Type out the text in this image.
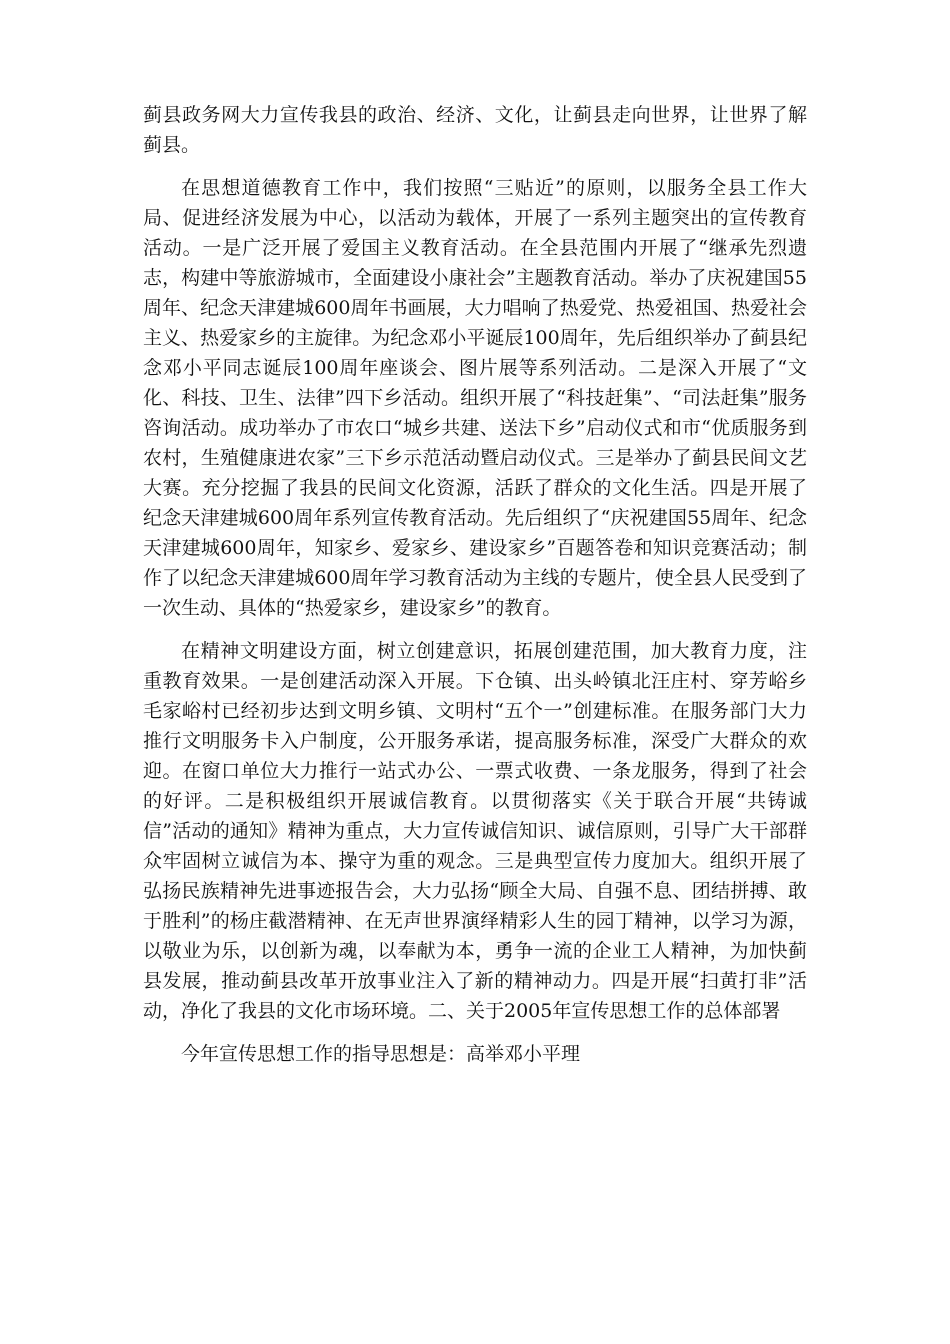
蓟县政务网大力宣传我县的政治、经济、文化，让蓟县走向世界，让世界了解蓟县。

在思想道德教育工作中，我们按照“三贴近”的原则，以服务全县工作大局、促进经济发展为中心，以活动为载体，开展了一系列主题突出的宣传教育活动。一是广泛开展了爱国主义教育活动。在全县范围内开展了“继承先烈遗志，构建中等旅游城市，全面建设小康社会”主题教育活动。举办了庆祝建国55周年、纪念天津建城600周年书画展，大力唱响了热爱党、热爱祖国、热爱社会主义、热爱家乡的主旋律。为纪念邓小平诞辰100周年，先后组织举办了蓟县纪念邓小平同志诞辰100周年座谈会、图片展等系列活动。二是深入开展了“文化、科技、卫生、法律”四下乡活动。组织开展了“科技赶集”、“司法赶集”服务咨询活动。成功举办了市农口“城乡共建、送法下乡”启动仪式和市“优质服务到农村，生殖健康进农家”三下乡示范活动暨启动仪式。三是举办了蓟县民间文艺大赛。充分挖掘了我县的民间文化资源，活跃了群众的文化生活。四是开展了纪念天津建城600周年系列宣传教育活动。先后组织了“庆祝建国55周年、纪念天津建城600周年，知家乡、爱家乡、建设家乡”百题答卷和知识竞赛活动；制作了以纪念天津建城600周年学习教育活动为主线的专题片，使全县人民受到了一次生动、具体的“热爱家乡，建设家乡”的教育。

在精神文明建设方面，树立创建意识，拓展创建范围，加大教育力度，注重教育效果。一是创建活动深入开展。下仓镇、出头岭镇北汪庄村、穿芳峪乡毛家峪村已经初步达到文明乡镇、文明村“五个一”创建标准。在服务部门大力推行文明服务卡入户制度，公开服务承诺，提高服务标准，深受广大群众的欢迎。在窗口单位大力推行一站式办公、一票式收费、一条龙服务，得到了社会的好评。二是积极组织开展诚信教育。以贯彻落实《关于联合开展“共铸诚信”活动的通知》精神为重点，大力宣传诚信知识、诚信原则，引导广大干部群众牢固树立诚信为本、操守为重的观念。三是典型宣传力度加大。组织开展了弘扬民族精神先进事迹报告会，大力弘扬“顾全大局、自强不息、团结拼搏、敢于胜利”的杨庄截潜精神、在无声世界演绎精彩人生的园丁精神，以学习为源，以敬业为乐，以创新为魂，以奉献为本，勇争一流的企业工人精神，为加快蓟县发展，推动蓟县改革开放事业注入了新的精神动力。四是开展“扫黄打非”活动，净化了我县的文化市场环境。二、关于2005年宣传思想工作的总体部署

今年宣传思想工作的指导思想是：高举邓小平理
